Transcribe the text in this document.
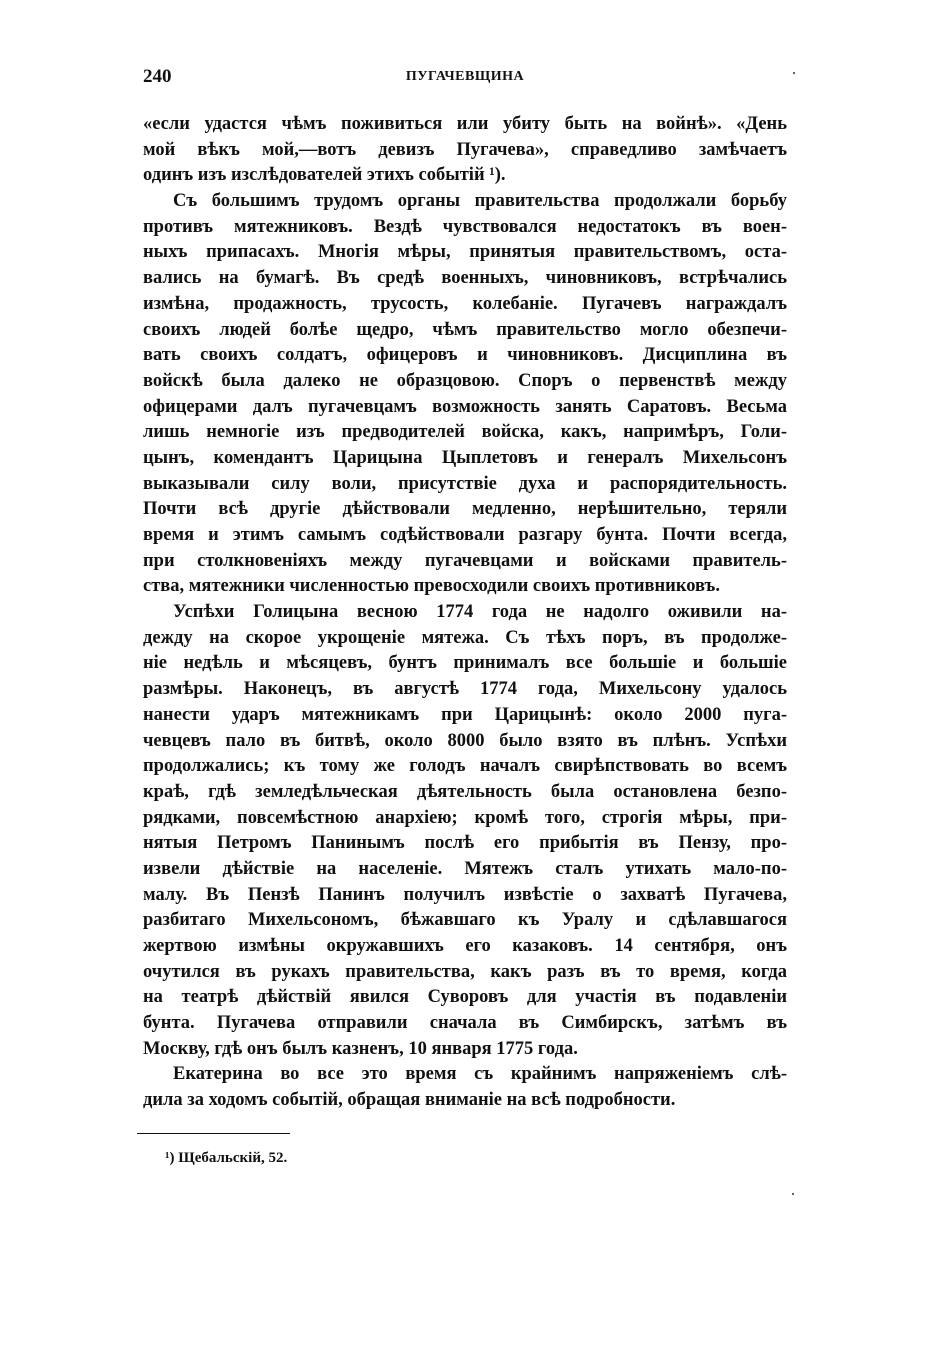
240	ПУГАЧЕВЩИНА
«если удастся чѣмъ поживиться или убиту быть на войнѣ». «День
мой вѣкъ мой,—вотъ девизъ Пугачева», справедливо замѣчаетъ
одинъ изъ изслѣдователей этихъ событій ¹).
Съ большимъ трудомъ органы правительства продолжали борьбу
противъ мятежниковъ. Вездѣ чувствовался недостатокъ въ воен-
ныхъ припасахъ. Многія мѣры, принятыя правительствомъ, оста-
вались на бумагѣ. Въ средѣ военныхъ, чиновниковъ, встрѣчались
измѣна, продажность, трусость, колебаніе. Пугачевъ награждалъ
своихъ людей болѣе щедро, чѣмъ правительство могло обезпечи-
вать своихъ солдатъ, офицеровъ и чиновниковъ. Дисциплина въ
войскѣ была далеко не образцовою. Споръ о первенствѣ между
офицерами далъ пугачевцамъ возможность занять Саратовъ. Весьма
лишь немногіе изъ предводителей войска, какъ, напримѣръ, Голи-
цынъ, комендантъ Царицына Цыплетовъ и генералъ Михельсонъ
выказывали силу воли, присутствіе духа и распорядительность.
Почти всѣ другіе дѣйствовали медленно, нерѣшительно, теряли
время и этимъ самымъ содѣйствовали разгару бунта. Почти всегда,
при столкновеніяхъ между пугачевцами и войсками правитель-
ства, мятежники численностью превосходили своихъ противниковъ.
Успѣхи Голицына весною 1774 года не надолго оживили на-
дежду на скорое укрощеніе мятежа. Съ тѣхъ поръ, въ продолже-
ніе недѣль и мѣсяцевъ, бунтъ принималъ все большіе и большіе
размѣры. Наконецъ, въ августѣ 1774 года, Михельсону удалось
нанести ударъ мятежникамъ при Царицынѣ: около 2000 пуга-
чевцевъ пало въ битвѣ, около 8000 было взято въ плѣнъ. Успѣхи
продолжались; къ тому же голодъ началъ свирѣпствовать во всемъ
краѣ, гдѣ земледѣльческая дѣятельность была остановлена безпо-
рядками, повсемѣстною анархіею; кромѣ того, строгія мѣры, при-
нятыя Петромъ Панинымъ послѣ его прибытія въ Пензу, про-
извели дѣйствіе на населеніе. Мятежъ сталъ утихать мало-по-
малу. Въ Пензѣ Панинъ получилъ извѣстіе о захватѣ Пугачева,
разбитаго Михельсономъ, бѣжавшаго къ Уралу и сдѣлавшагося
жертвою измѣны окружавшихъ его казаковъ. 14 сентября, онъ
очутился въ рукахъ правительства, какъ разъ въ то время, когда
на театрѣ дѣйствій явился Суворовъ для участія въ подавленіи
бунта. Пугачева отправили сначала въ Симбирскъ, затѣмъ въ
Москву, гдѣ онъ былъ казненъ, 10 января 1775 года.
Екатерина во все это время съ крайнимъ напряженіемъ слѣ-
дила за ходомъ событій, обращая вниманіе на всѣ подробности.
¹) Щебальскій, 52.
